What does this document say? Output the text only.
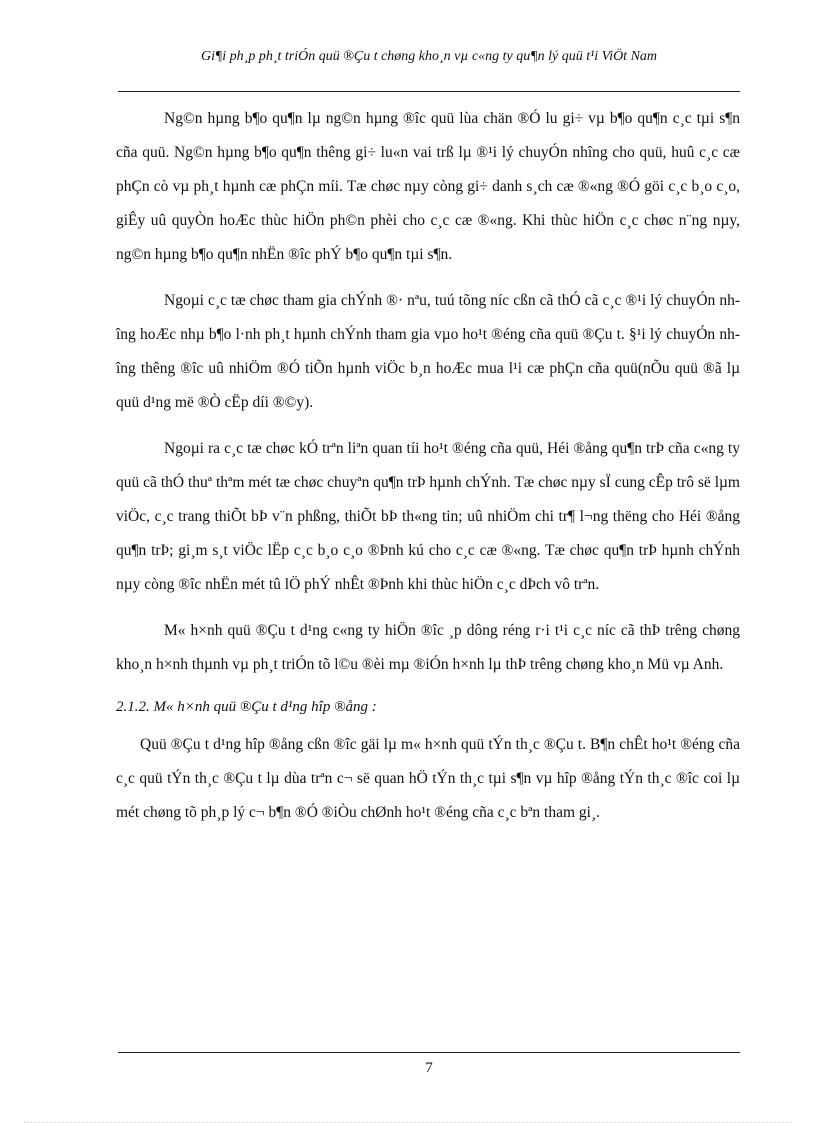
Gi¶i ph¸p ph¸t triÓn quü ®Çu t chøng kho¸n vµ c«ng ty qu¶n lý quü t¹i ViÖt Nam

Ng©n hµng b¶o qu¶n lµ ng©n hµng ®îc quü lùa chän ®Ó lu gi÷ vµ b¶o qu¶n c¸c tµi s¶n cña quü. Ng©n hµng b¶o qu¶n thêng gi÷ lu«n vai trß lµ ®¹i lý chuyÓn nhîng cho quü, huû c¸c cæ phÇn cò vµ ph¸t hµnh cæ phÇn míi. Tæ chøc nµy còng gi÷ danh s¸ch cæ ®«ng ®Ó göi c¸c b¸o c¸o, giÊy uû quyÒn hoÆc thùc hiÖn ph©n phèi cho c¸c cæ ®«ng. Khi thùc hiÖn c¸c chøc n¨ng nµy, ng©n hµng b¶o qu¶n nhËn ®îc phÝ b¶o qu¶n tµi s¶n.

Ngoµi c¸c tæ chøc tham gia chÝnh ®· nªu, tuú tõng níc cßn cã thÓ cã c¸c ®¹i lý chuyÓn nhîng hoÆc nhµ b¶o l·nh ph¸t hµnh chÝnh tham gia vµo ho¹t ®éng cña quü ®Çu t. §¹i lý chuyÓn nhîng thêng ®îc uû nhiÖm ®Ó tiÕn hµnh viÖc b¸n hoÆc mua l¹i cæ phÇn cña quü(nÕu quü ®ã lµ quü d¹ng më ®Ò cËp díi ®©y).

Ngoµi ra c¸c tæ chøc kÓ trªn liªn quan tíi ho¹t ®éng cña quü, Héi ®ång qu¶n trÞ cña c«ng ty quü cã thÓ thuª thªm mét tæ chøc chuyªn qu¶n trÞ hµnh chÝnh. Tæ chøc nµy sÏ cung cÊp trô së lµm viÖc, c¸c trang thiÕt bÞ v¨n phßng, thiÕt bÞ th«ng tin; uû nhiÖm chi tr¶ l¬ng thëng cho Héi ®ång qu¶n trÞ; gi¸m s¸t viÖc lËp c¸c b¸o c¸o ®Þnh kú cho c¸c cæ ®«ng. Tæ chøc qu¶n trÞ hµnh chÝnh nµy còng ®îc nhËn mét tû lÖ phÝ nhÊt ®Þnh khi thùc hiÖn c¸c dÞch vô trªn.

M« h×nh quü ®Çu t d¹ng c«ng ty hiÖn ®îc ¸p dông réng r·i t¹i c¸c níc cã thÞ trêng chøng kho¸n h×nh thµnh vµ ph¸t triÓn tõ l©u ®èi mµ ®iÓn h×nh lµ thÞ trêng chøng kho¸n Mü vµ Anh.

2.1.2. M« h×nh quü ®Çu t d¹ng hîp ®ång :

Quü ®Çu t d¹ng hîp ®ång cßn ®îc gäi lµ m« h×nh quü tÝn th¸c ®Çu t. B¶n chÊt ho¹t ®éng cña c¸c quü tÝn th¸c ®Çu t lµ dùa trªn c¬ së quan hÖ tÝn th¸c tµi s¶n vµ hîp ®ång tÝn th¸c ®îc coi lµ mét chøng tõ ph¸p lý c¬ b¶n ®Ó ®iÒu chØnh ho¹t ®éng cña c¸c bªn tham gi¸.

7
